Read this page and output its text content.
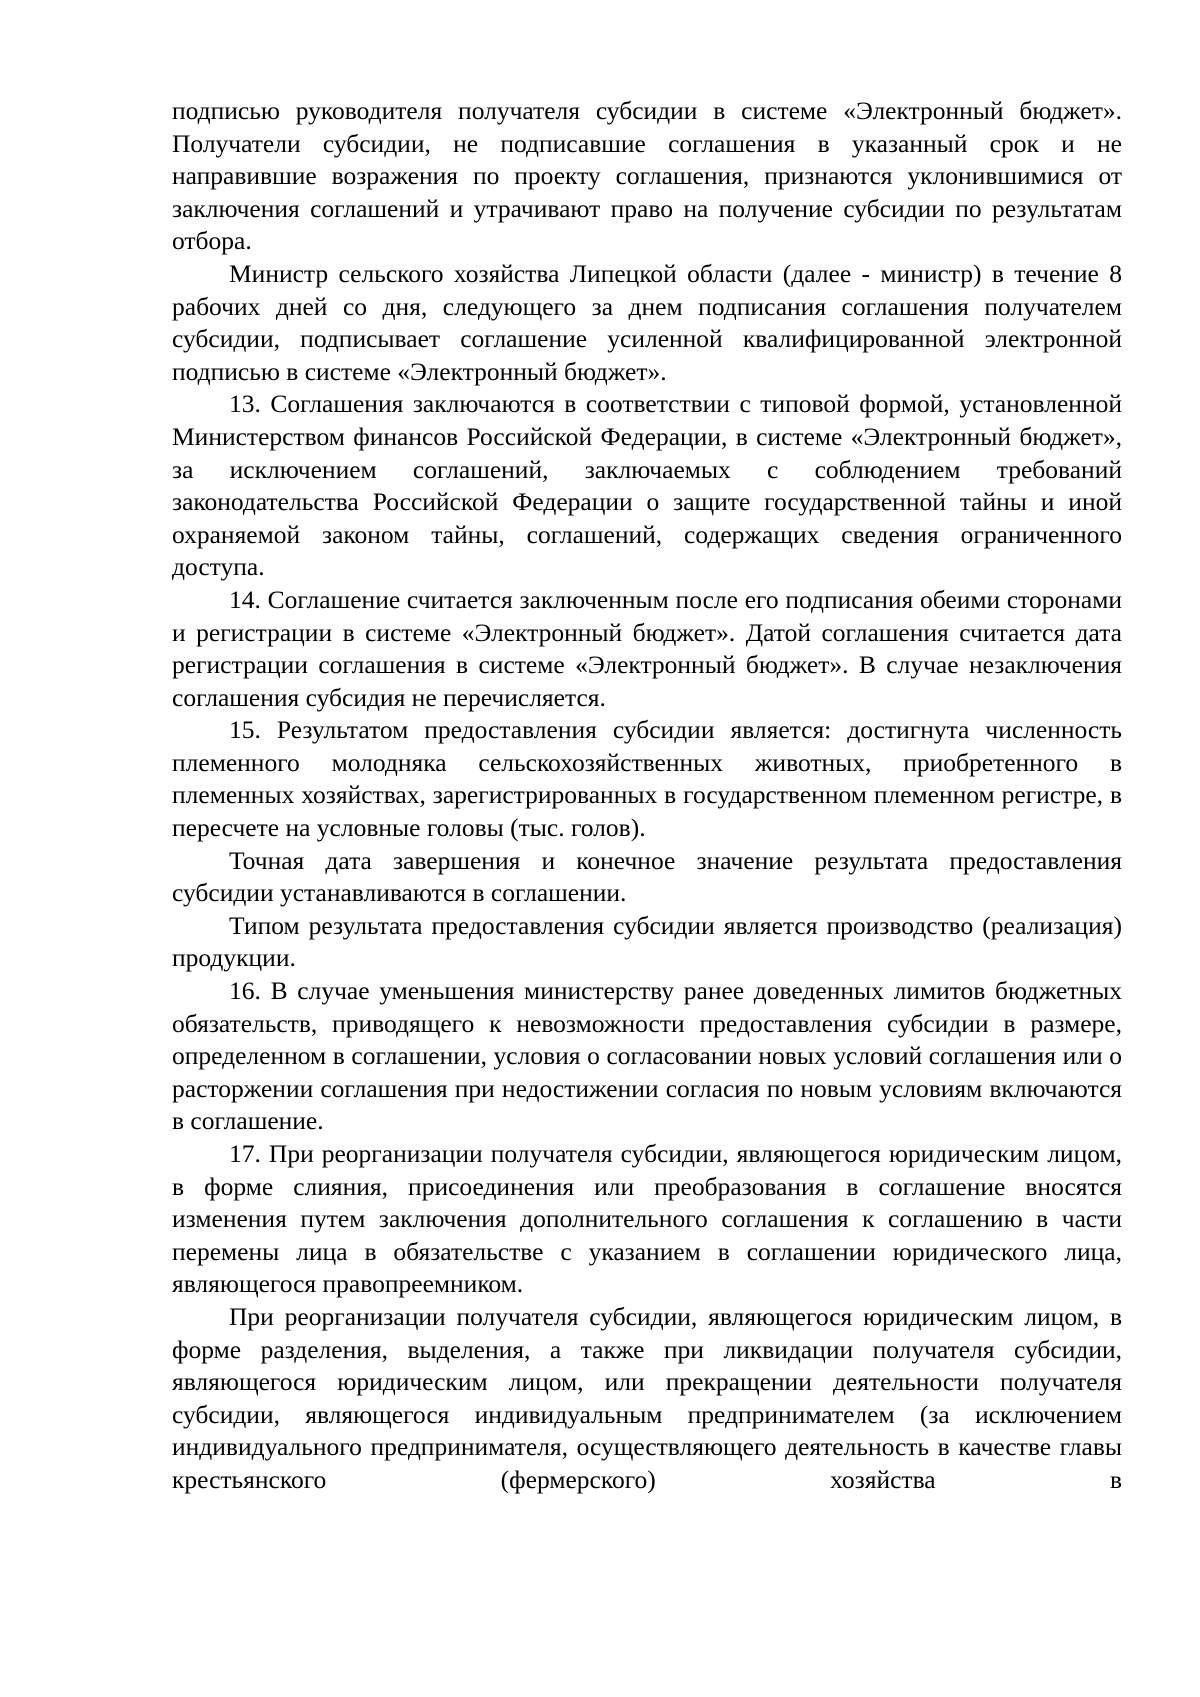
подписью руководителя получателя субсидии в системе «Электронный бюджет». Получатели субсидии, не подписавшие соглашения в указанный срок и не направившие возражения по проекту соглашения, признаются уклонившимися от заключения соглашений и утрачивают право на получение субсидии по результатам отбора.

Министр сельского хозяйства Липецкой области (далее - министр) в течение 8 рабочих дней со дня, следующего за днем подписания соглашения получателем субсидии, подписывает соглашение усиленной квалифицированной электронной подписью в системе «Электронный бюджет».

13. Соглашения заключаются в соответствии с типовой формой, установленной Министерством финансов Российской Федерации, в системе «Электронный бюджет», за исключением соглашений, заключаемых с соблюдением требований законодательства Российской Федерации о защите государственной тайны и иной охраняемой законом тайны, соглашений, содержащих сведения ограниченного доступа.

14. Соглашение считается заключенным после его подписания обеими сторонами и регистрации в системе «Электронный бюджет». Датой соглашения считается дата регистрации соглашения в системе «Электронный бюджет». В случае незаключения соглашения субсидия не перечисляется.

15. Результатом предоставления субсидии является: достигнута численность племенного молодняка сельскохозяйственных животных, приобретенного в племенных хозяйствах, зарегистрированных в государственном племенном регистре, в пересчете на условные головы (тыс. голов).

Точная дата завершения и конечное значение результата предоставления субсидии устанавливаются в соглашении.

Типом результата предоставления субсидии является производство (реализация) продукции.

16. В случае уменьшения министерству ранее доведенных лимитов бюджетных обязательств, приводящего к невозможности предоставления субсидии в размере, определенном в соглашении, условия о согласовании новых условий соглашения или о расторжении соглашения при недостижении согласия по новым условиям включаются в соглашение.

17. При реорганизации получателя субсидии, являющегося юридическим лицом, в форме слияния, присоединения или преобразования в соглашение вносятся изменения путем заключения дополнительного соглашения к соглашению в части перемены лица в обязательстве с указанием в соглашении юридического лица, являющегося правопреемником.

При реорганизации получателя субсидии, являющегося юридическим лицом, в форме разделения, выделения, а также при ликвидации получателя субсидии, являющегося юридическим лицом, или прекращении деятельности получателя субсидии, являющегося индивидуальным предпринимателем (за исключением индивидуального предпринимателя, осуществляющего деятельность в качестве главы крестьянского (фермерского) хозяйства в
